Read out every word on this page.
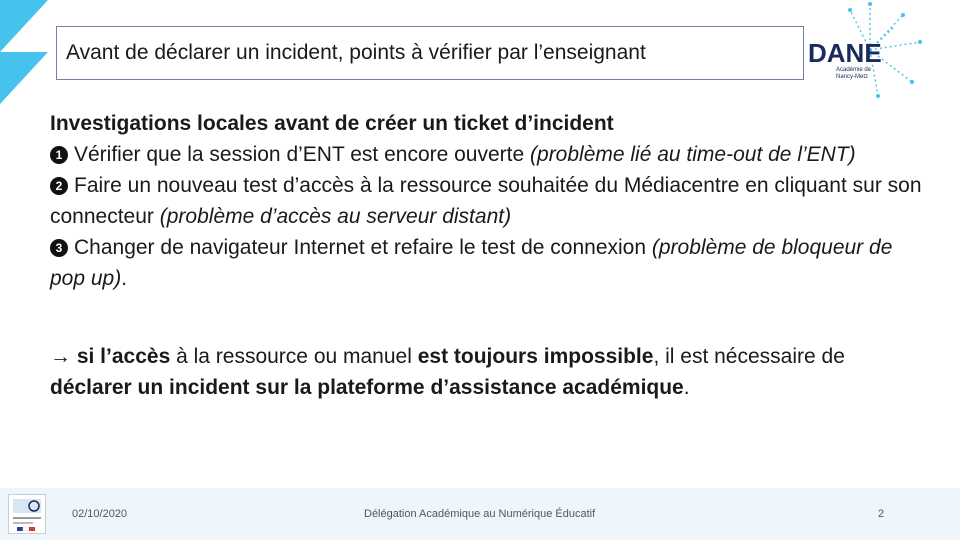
Avant de déclarer un incident, points à vérifier par l’enseignant	DANE
Académie de
Nancy-Metz

Investigations locales avant de créer un ticket d’incident

1 Vérifier que la session d’ENT est encore ouverte (problème lié au time-out de l’ENT)

2 Faire un nouveau test d’accès à la ressource souhaitée du Médiacentre en cliquant sur son connecteur (problème d’accès au serveur distant)

3 Changer de navigateur Internet et refaire le test de connexion (problème de bloqueur de pop up).

→ si l’accès à la ressource ou manuel est toujours impossible, il est nécessaire de déclarer un incident sur la plateforme d’assistance académique.

02/10/2020	Délégation Académique au Numérique Éducatif	2
